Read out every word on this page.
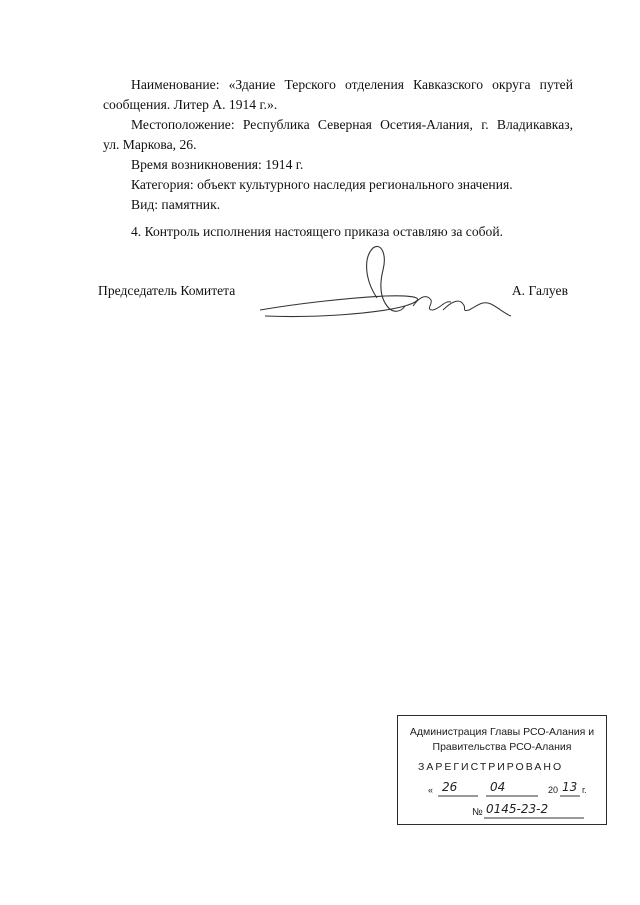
Наименование: «Здание Терского отделения Кавказского округа путей

сообщения. Литер А. 1914 г.».

Местоположение: Республика Северная Осетия-Алания, г. Владикавказ,

ул. Маркова, 26.

Время возникновения: 1914 г.

Категория: объект культурного наследия регионального значения.

Вид: памятник.

4. Контроль исполнения настоящего приказа оставляю за собой.

Председатель Комитета	А. Галуев
Администрация Главы РСО-Алания и
Правительства РСО-Алания
ЗАРЕГИСТРИРОВАНО
« 26	04	20 13 г.
№ 0145-23-2
